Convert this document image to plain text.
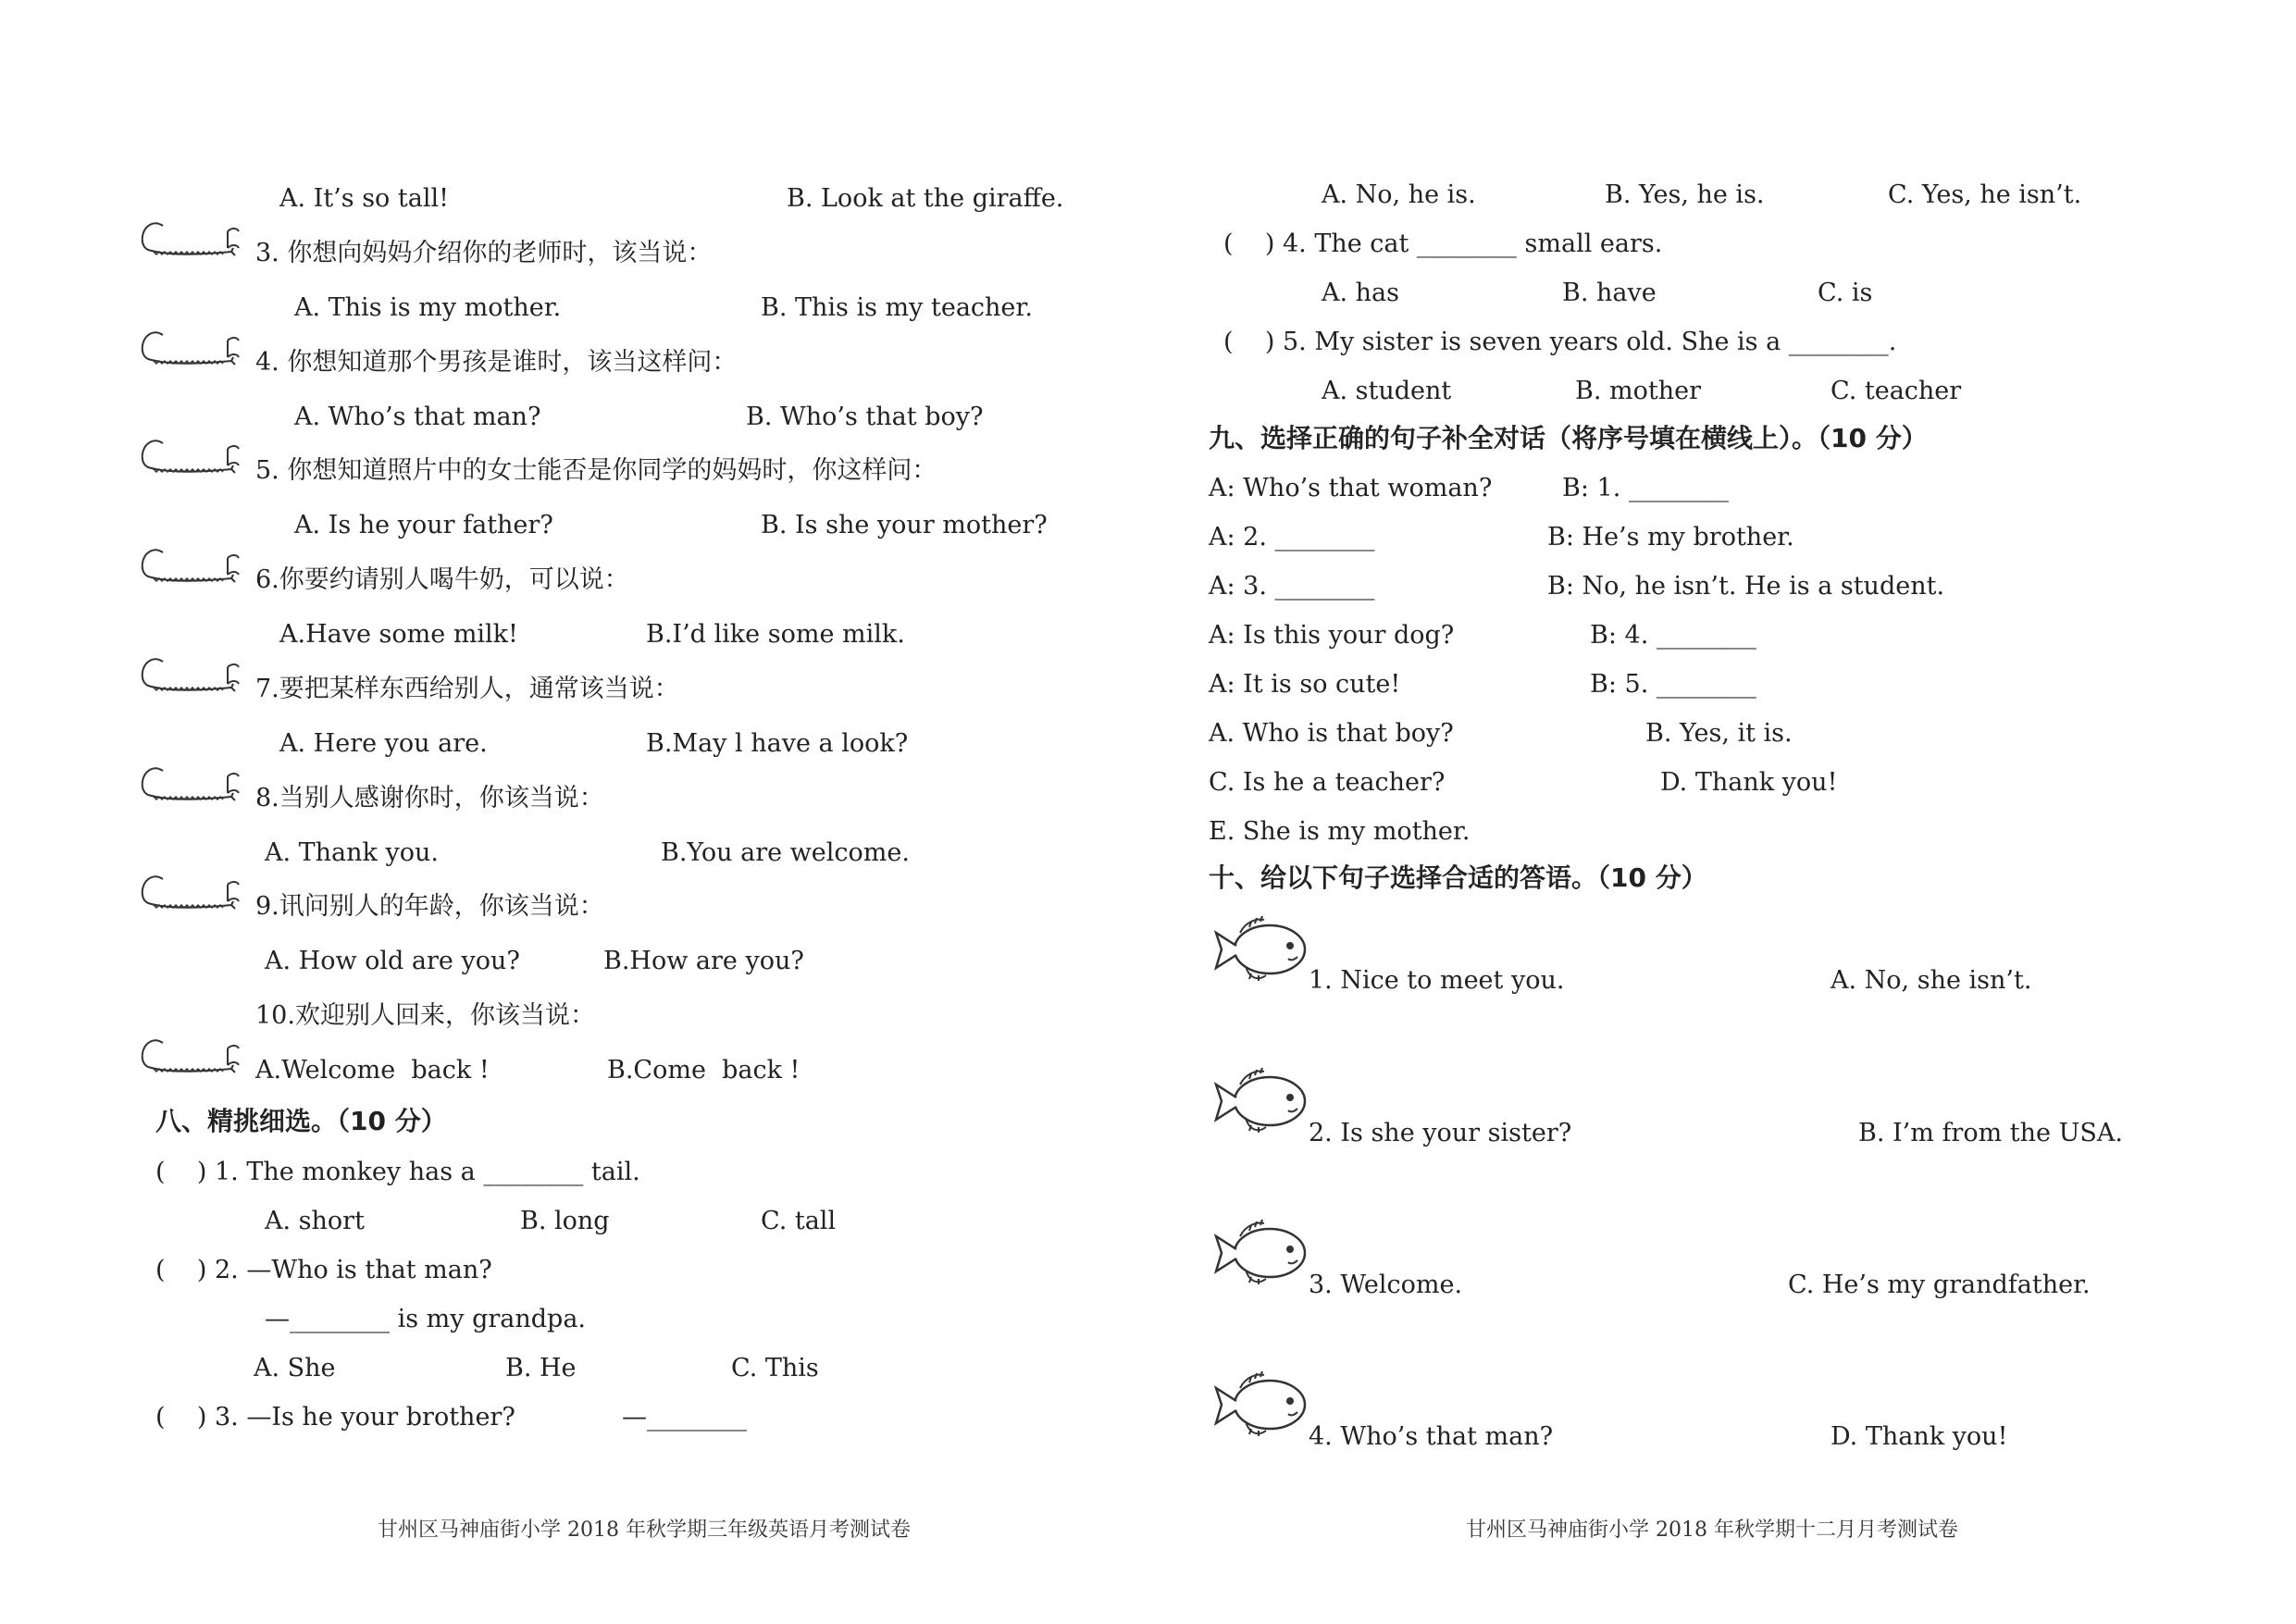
A. It’s so tall!	B. Look at the giraffe.
3. 你想向妈妈介绍你的老师时，该当说：
A. This is my mother.	B. This is my teacher.
4. 你想知道那个男孩是谁时，该当这样问：
A. Who’s that man?	B. Who’s that boy?
5. 你想知道照片中的女士能否是你同学的妈妈时，你这样问：
A. Is he your father?	B. Is she your mother?
6.你要约请别人喝牛奶，可以说：
A.Have some milk!	B.I’d like some milk.
7.要把某样东西给别人，通常该当说：
A. Here you are.	B.May l have a look?
8.当别人感谢你时，你该当说：
A. Thank you.	B.You are welcome.
9.讯问别人的年龄，你该当说：
A. How old are you?	B.How are you?
10.欢迎别人回来，你该当说：
A.Welcome  back !	B.Come  back !
八、精挑细选。（10 分）
(    ) 1. The monkey has a ________ tail.
A. short	B. long	C. tall
(    ) 2. —Who is that man?
—________ is my grandpa.
A. She	B. He	C. This
(    ) 3. —Is he your brother?	—________
甘州区马神庙街小学 2018 年秋学期三年级英语月考测试卷
A. No, he is.	B. Yes, he is.	C. Yes, he isn’t.
(    ) 4. The cat ________ small ears.
A. has	B. have	C. is
(    ) 5. My sister is seven years old. She is a ________.
A. student	B. mother	C. teacher
九、选择正确的句子补全对话（将序号填在横线上）。（10 分）
A: Who’s that woman?	B: 1. ________
A: 2. ________	B: He’s my brother.
A: 3. ________	B: No, he isn’t. He is a student.
A: Is this your dog?	B: 4. ________
A: It is so cute!	B: 5. ________
A. Who is that boy?	B. Yes, it is.
C. Is he a teacher?	D. Thank you!
E. She is my mother.
十、给以下句子选择合适的答语。（10 分）
1. Nice to meet you.	A. No, she isn’t.
2. Is she your sister?	B. I’m from the USA.
3. Welcome.	C. He’s my grandfather.
4. Who’s that man?	D. Thank you!
甘州区马神庙街小学 2018 年秋学期十二月月考测试卷
